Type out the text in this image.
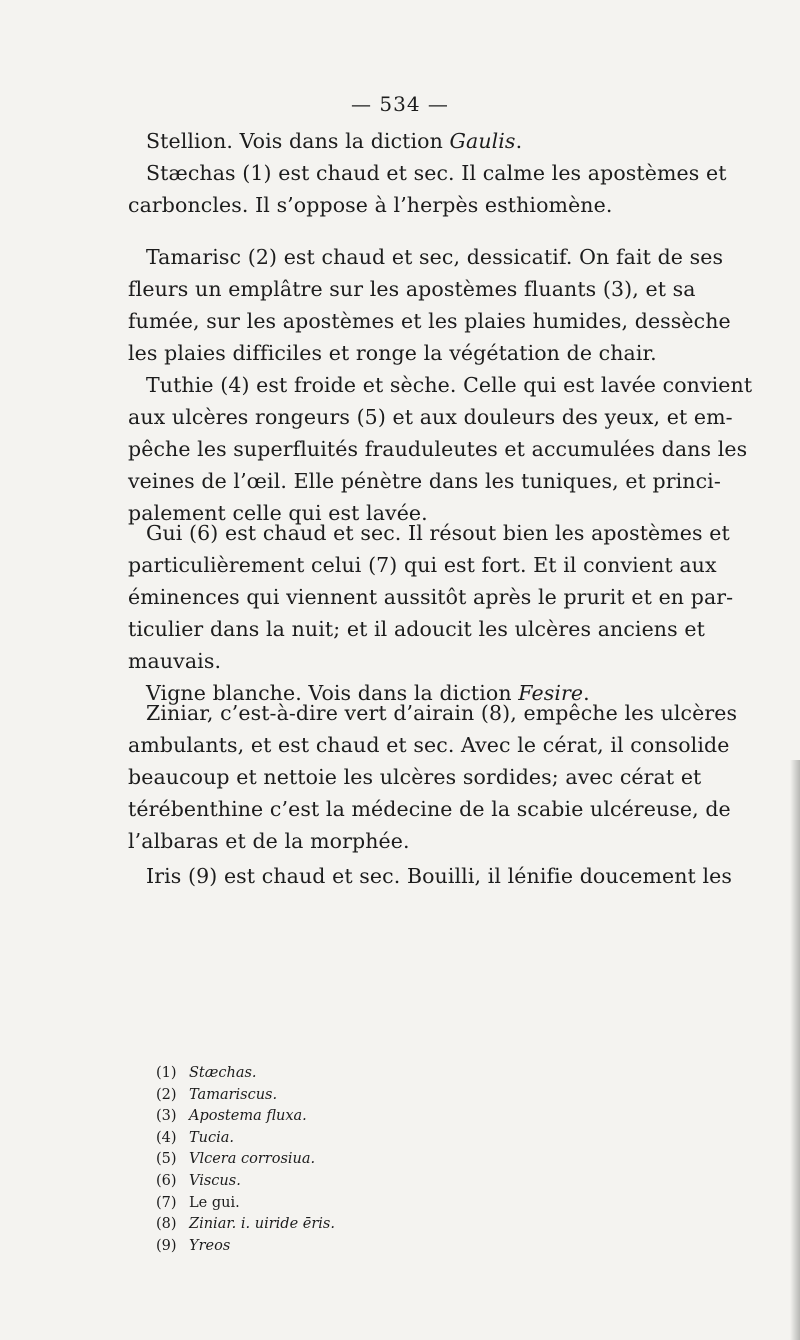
— 534 —
Stellion. Vois dans la diction Gaulis.
Stæchas (1) est chaud et sec. Il calme les apostèmes et
carboncles. Il s’oppose à l’herpès esthiomène.
Tamarisc (2) est chaud et sec, dessicatif. On fait de ses
fleurs un emplâtre sur les apostèmes fluants (3), et sa
fumée, sur les apostèmes et les plaies humides, dessèche
les plaies difficiles et ronge la végétation de chair.
Tuthie (4) est froide et sèche. Celle qui est lavée convient
aux ulcères rongeurs (5) et aux douleurs des yeux, et em-
pêche les superfluités frauduleutes et accumulées dans les
veines de l’œil. Elle pénètre dans les tuniques, et princi-
palement celle qui est lavée.
Gui (6) est chaud et sec. Il résout bien les apostèmes et
particulièrement celui (7) qui est fort. Et il convient aux
éminences qui viennent aussitôt après le prurit et en par-
ticulier dans la nuit; et il adoucit les ulcères anciens et
mauvais.
Vigne blanche. Vois dans la diction Fesire.
Ziniar, c’est-à-dire vert d’airain (8), empêche les ulcères
ambulants, et est chaud et sec. Avec le cérat, il consolide
beaucoup et nettoie les ulcères sordides; avec cérat et
térébenthine c’est la médecine de la scabie ulcéreuse, de
l’albaras et de la morphée.
Iris (9) est chaud et sec. Bouilli, il lénifie doucement les
(1) Stæchas.
(2) Tamariscus.
(3) Apostema fluxa.
(4) Tucia.
(5) Vlcera corrosiua.
(6) Viscus.
(7) Le gui.
(8) Ziniar. i. uiride ēris.
(9) Yreos
